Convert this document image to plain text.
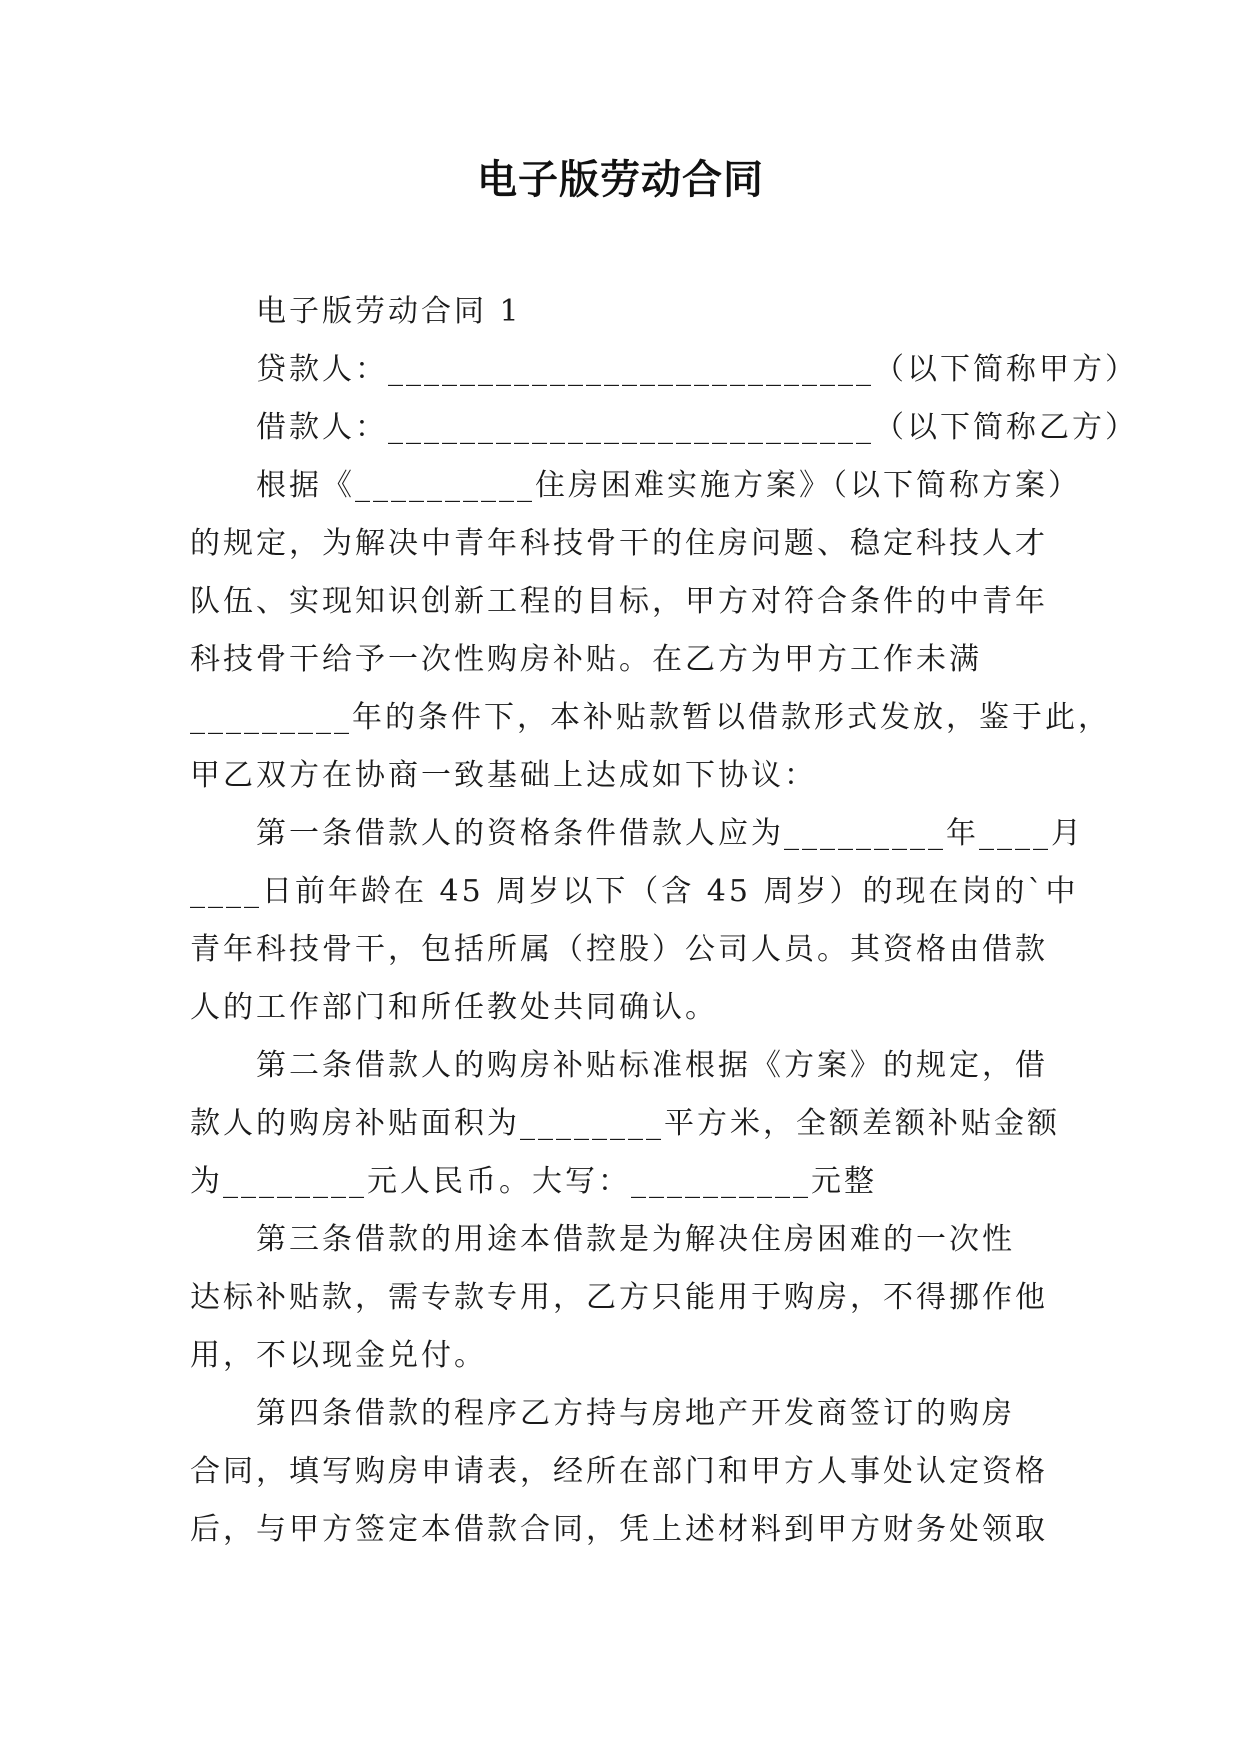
电子版劳动合同
电子版劳动合同 1
贷款人：___________________________（以下简称甲方）
借款人：___________________________（以下简称乙方）
根据《__________住房困难实施方案》（以下简称方案）
的规定，为解决中青年科技骨干的住房问题、稳定科技人才
队伍、实现知识创新工程的目标，甲方对符合条件的中青年
科技骨干给予一次性购房补贴。在乙方为甲方工作未满
_________年的条件下，本补贴款暂以借款形式发放，鉴于此，
甲乙双方在协商一致基础上达成如下协议：
第一条借款人的资格条件借款人应为_________年____月
____日前年龄在 45 周岁以下（含 45 周岁）的现在岗的`中
青年科技骨干，包括所属（控股）公司人员。其资格由借款
人的工作部门和所任教处共同确认。
第二条借款人的购房补贴标准根据《方案》的规定，借
款人的购房补贴面积为________平方米，全额差额补贴金额
为________元人民币。大写：__________元整
第三条借款的用途本借款是为解决住房困难的一次性
达标补贴款，需专款专用，乙方只能用于购房，不得挪作他
用，不以现金兑付。
第四条借款的程序乙方持与房地产开发商签订的购房
合同，填写购房申请表，经所在部门和甲方人事处认定资格
后，与甲方签定本借款合同，凭上述材料到甲方财务处领取
